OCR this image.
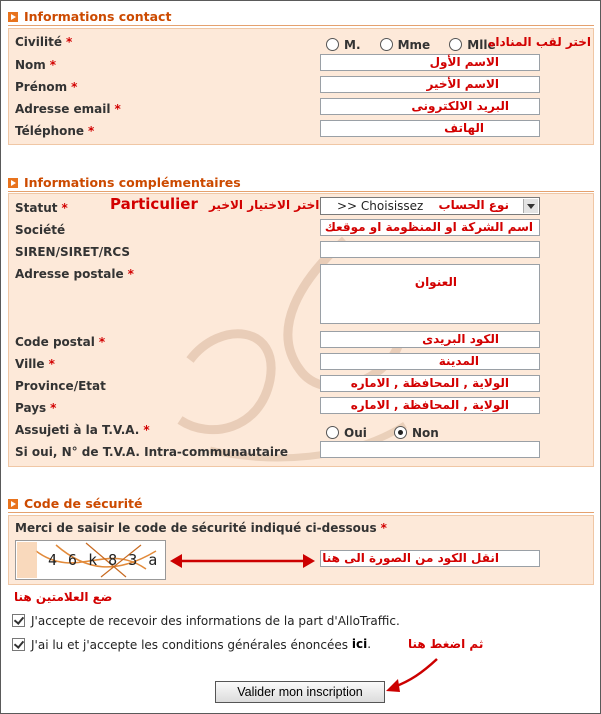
Informations contact
Civilité *	M.	Mme	Mlle
اختر لقب المناداه
Nom *	الاسم الأول
Prénom *	الاسم الأخير
Adresse email *	البريد الالكترونى
Téléphone *	الهاتف
Informations complémentaires
Statut *	Particulier اختر الاختيار الاخير >> Choisissez نوع الحساب
Société	اسم الشركة او المنظومة او موقعك
SIREN/SIRET/RCS
Adresse postale *
العنوان
Code postal *	الكود البريدى
Ville *	المدينة
Province/Etat	الولاية , المحافظة , الاماره
Pays *	الولاية , المحافظة , الاماره
Assujeti à la T.V.A. *	Oui	Non
Si oui, N° de T.V.A. Intra-communautaire
Code de sécurité
Merci de saisir le code de sécurité indiqué ci-dessous *
4 6 k 8 3 a	انقل الكود من الصورة الى هنا
ضع العلامتين هنا
J'accepte de recevoir des informations de la part d'AlloTraffic.
J'ai lu et j'accepte les conditions générales énoncées ici.	ثم اضغط هنا
Valider mon inscription
